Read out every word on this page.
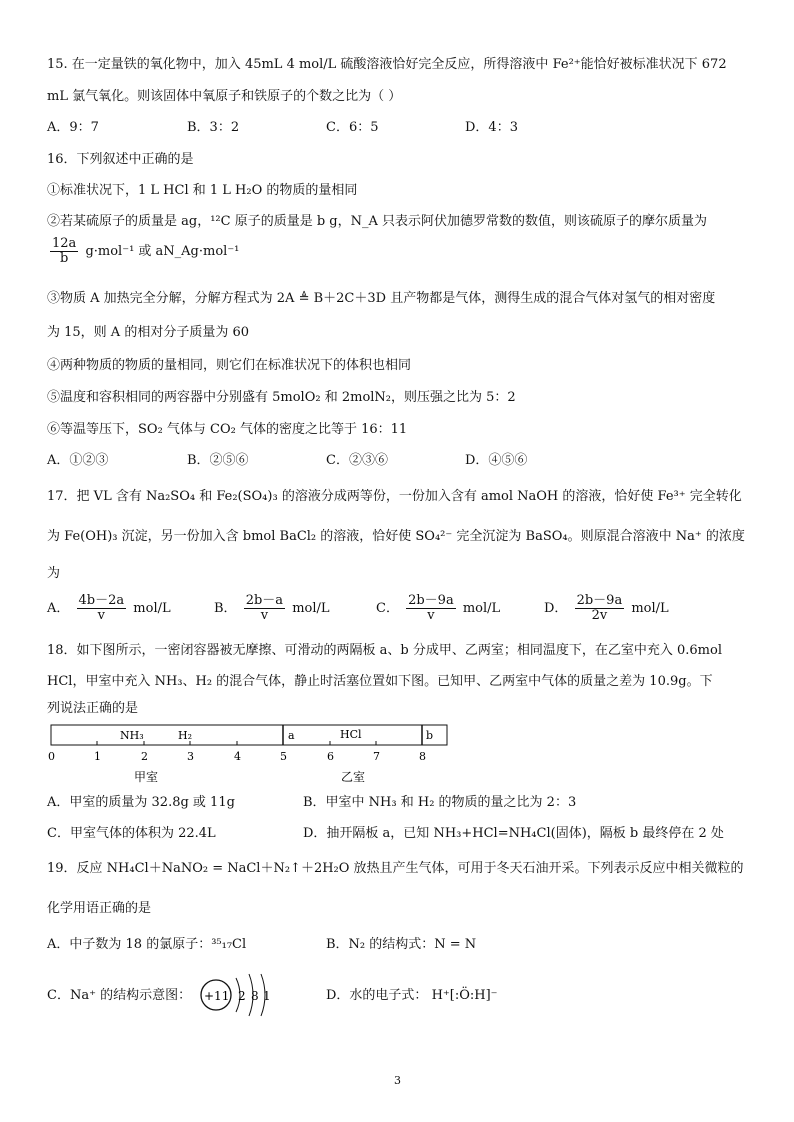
15. 在一定量铁的氧化物中，加入 45mL 4 mol/L 硫酸溶液恰好完全反应，所得溶液中 Fe²⁺能恰好被标准状况下 672
mL 氯气氧化。则该固体中氧原子和铁原子的个数之比为（ ）
A．9：7	B．3：2	C．6：5	D．4：3
16．下列叙述中正确的是
①标准状况下，1 L HCl 和 1 L H₂O 的物质的量相同
②若某硫原子的质量是 ag，¹²C 原子的质量是 b g，N_A 只表示阿伏加德罗常数的数值，则该硫原子的摩尔质量为
$\frac{12a}{b} g\cdot mol^{-1}$ 或 aN_Ag·mol⁻¹
③物质 A 加热完全分解，分解方程式为 2A ≜ B＋2C＋3D 且产物都是气体，测得生成的混合气体对氢气的相对密度
为 15，则 A 的相对分子质量为 60
④两种物质的物质的量相同，则它们在标准状况下的体积也相同
⑤温度和容积相同的两容器中分别盛有 5molO₂ 和 2molN₂，则压强之比为 5：2
⑥等温等压下，SO₂ 气体与 CO₂ 气体的密度之比等于 16：11
A．①②③	B．②⑤⑥	C．②③⑥	D．④⑤⑥
17．把 VL 含有 Na₂SO₄ 和 Fe₂(SO₄)₃ 的溶液分成两等份，一份加入含有 amol NaOH 的溶液，恰好使 Fe³⁺ 完全转化
为 Fe(OH)₃ 沉淀，另一份加入含 bmol BaCl₂ 的溶液，恰好使 SO₄²⁻ 完全沉淀为 BaSO₄。则原混合溶液中 Na⁺ 的浓度
为
A． $\frac{4b-2a}{v} mol/L$	B． $\frac{2b-a}{v} mol/L$	C． $\frac{2b-9a}{v} mol/L$	D． $\frac{2b-9a}{2v} mol/L$
18．如下图所示，一密闭容器被无摩擦、可滑动的两隔板 a、b 分成甲、乙两室；相同温度下，在乙室中充入 0.6mol
HCl，甲室中充入 NH₃、H₂ 的混合气体，静止时活塞位置如下图。已知甲、乙两室中气体的质量之差为 10.9g。下
列说法正确的是
NH₃	H₂	a	HCl	b
0	1	2	3	4	5	6	7	8
甲室	乙室
A．甲室的质量为 32.8g 或 11g	B．甲室中 NH₃ 和 H₂ 的物质的量之比为 2：3
C．甲室气体的体积为 22.4L	D．抽开隔板 a，已知 NH₃+HCl=NH₄Cl(固体)，隔板 b 最终停在 2 处
19．反应 NH₄Cl＋NaNO₂ = NaCl＋N₂↑＋2H₂O 放热且产生气体，可用于冬天石油开采。下列表示反应中相关微粒的
化学用语正确的是
A．中子数为 18 的氯原子：³⁵₁₇Cl	B．N₂ 的结构式：N = N
C．Na⁺ 的结构示意图： +11 2 8 1	D．水的电子式： H⁺[:Ö:H]⁻
3
